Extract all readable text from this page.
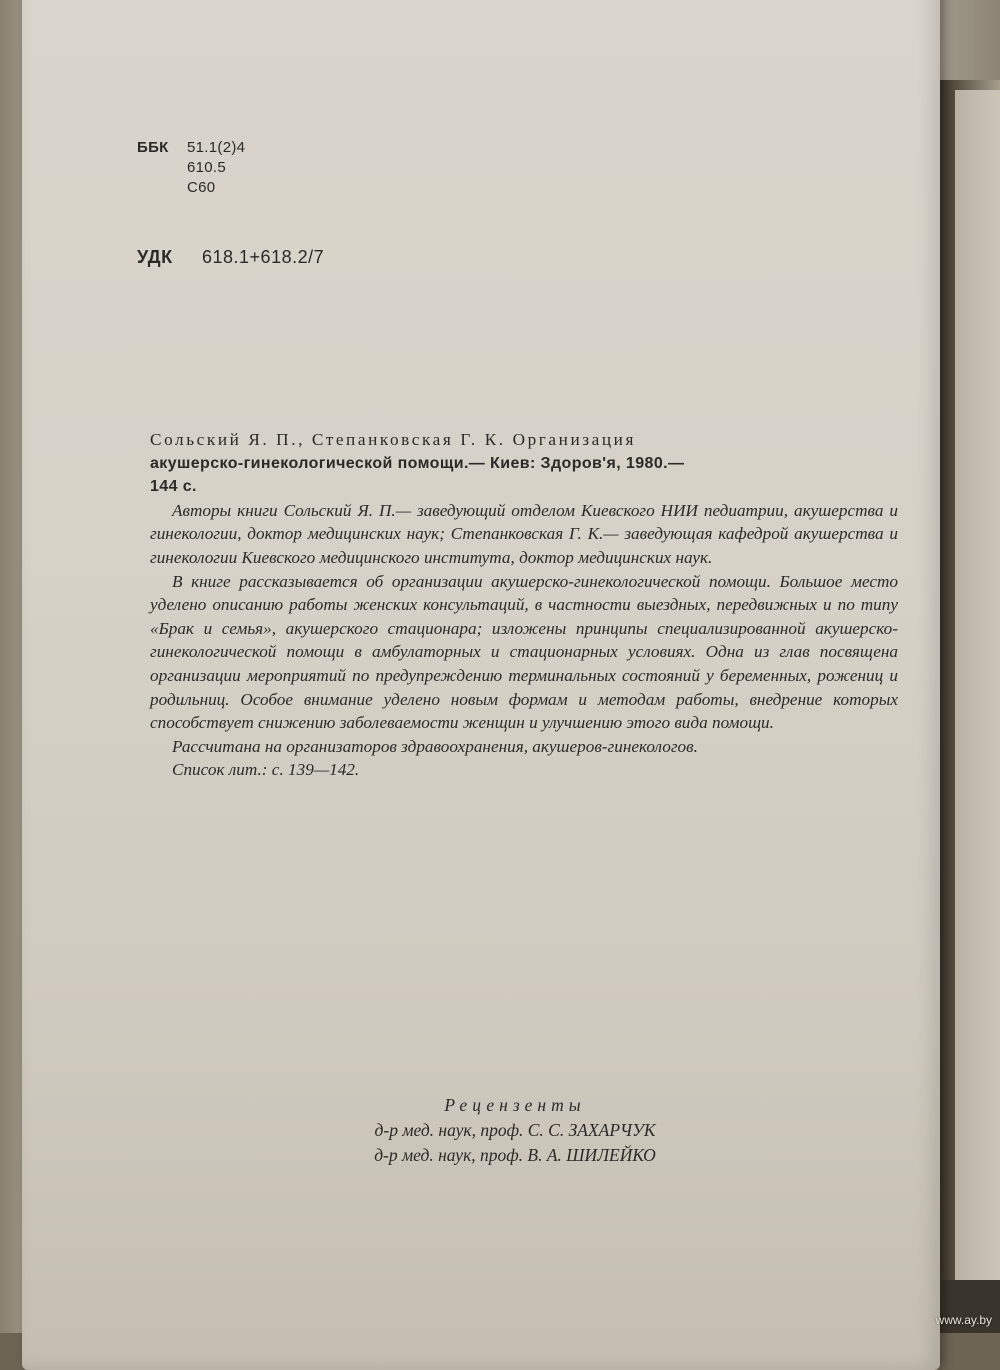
ББК 51.1(2)4
610.5
С60
УДК 618.1+618.2/7

Сольский Я. П., Степанковская Г. К. Организация

акушерско-гинекологической помощи.— Киев: Здоров'я, 1980.—

144 с.

Авторы книги Сольский Я. П.— заведующий отделом Киевского НИИ педиатрии, акушерства и гинекологии, доктор медицинских наук; Степанковская Г. К.— заведующая кафедрой акушерства и гинекологии Киевского медицинского института, доктор медицинских наук.

В книге рассказывается об организации акушерско-гинекологической помощи. Большое место уделено описанию работы женских консультаций, в частности выездных, передвижных и по типу «Брак и семья», акушерского стационара; изложены принципы специализированной акушерско-гинекологической помощи в амбулаторных и стационарных условиях. Одна из глав посвящена организации мероприятий по предупреждению терминальных состояний у беременных, рожениц и родильниц. Особое внимание уделено новым формам и методам работы, внедрение которых способствует снижению заболеваемости женщин и улучшению этого вида помощи.

Рассчитана на организаторов здравоохранения, акушеров-гинекологов.

Список лит.: с. 139—142.

Рецензенты
д-р мед. наук, проф. С. С. ЗАХАРЧУК
д-р мед. наук, проф. В. А. ШИЛЕЙКО
www.ay.by
